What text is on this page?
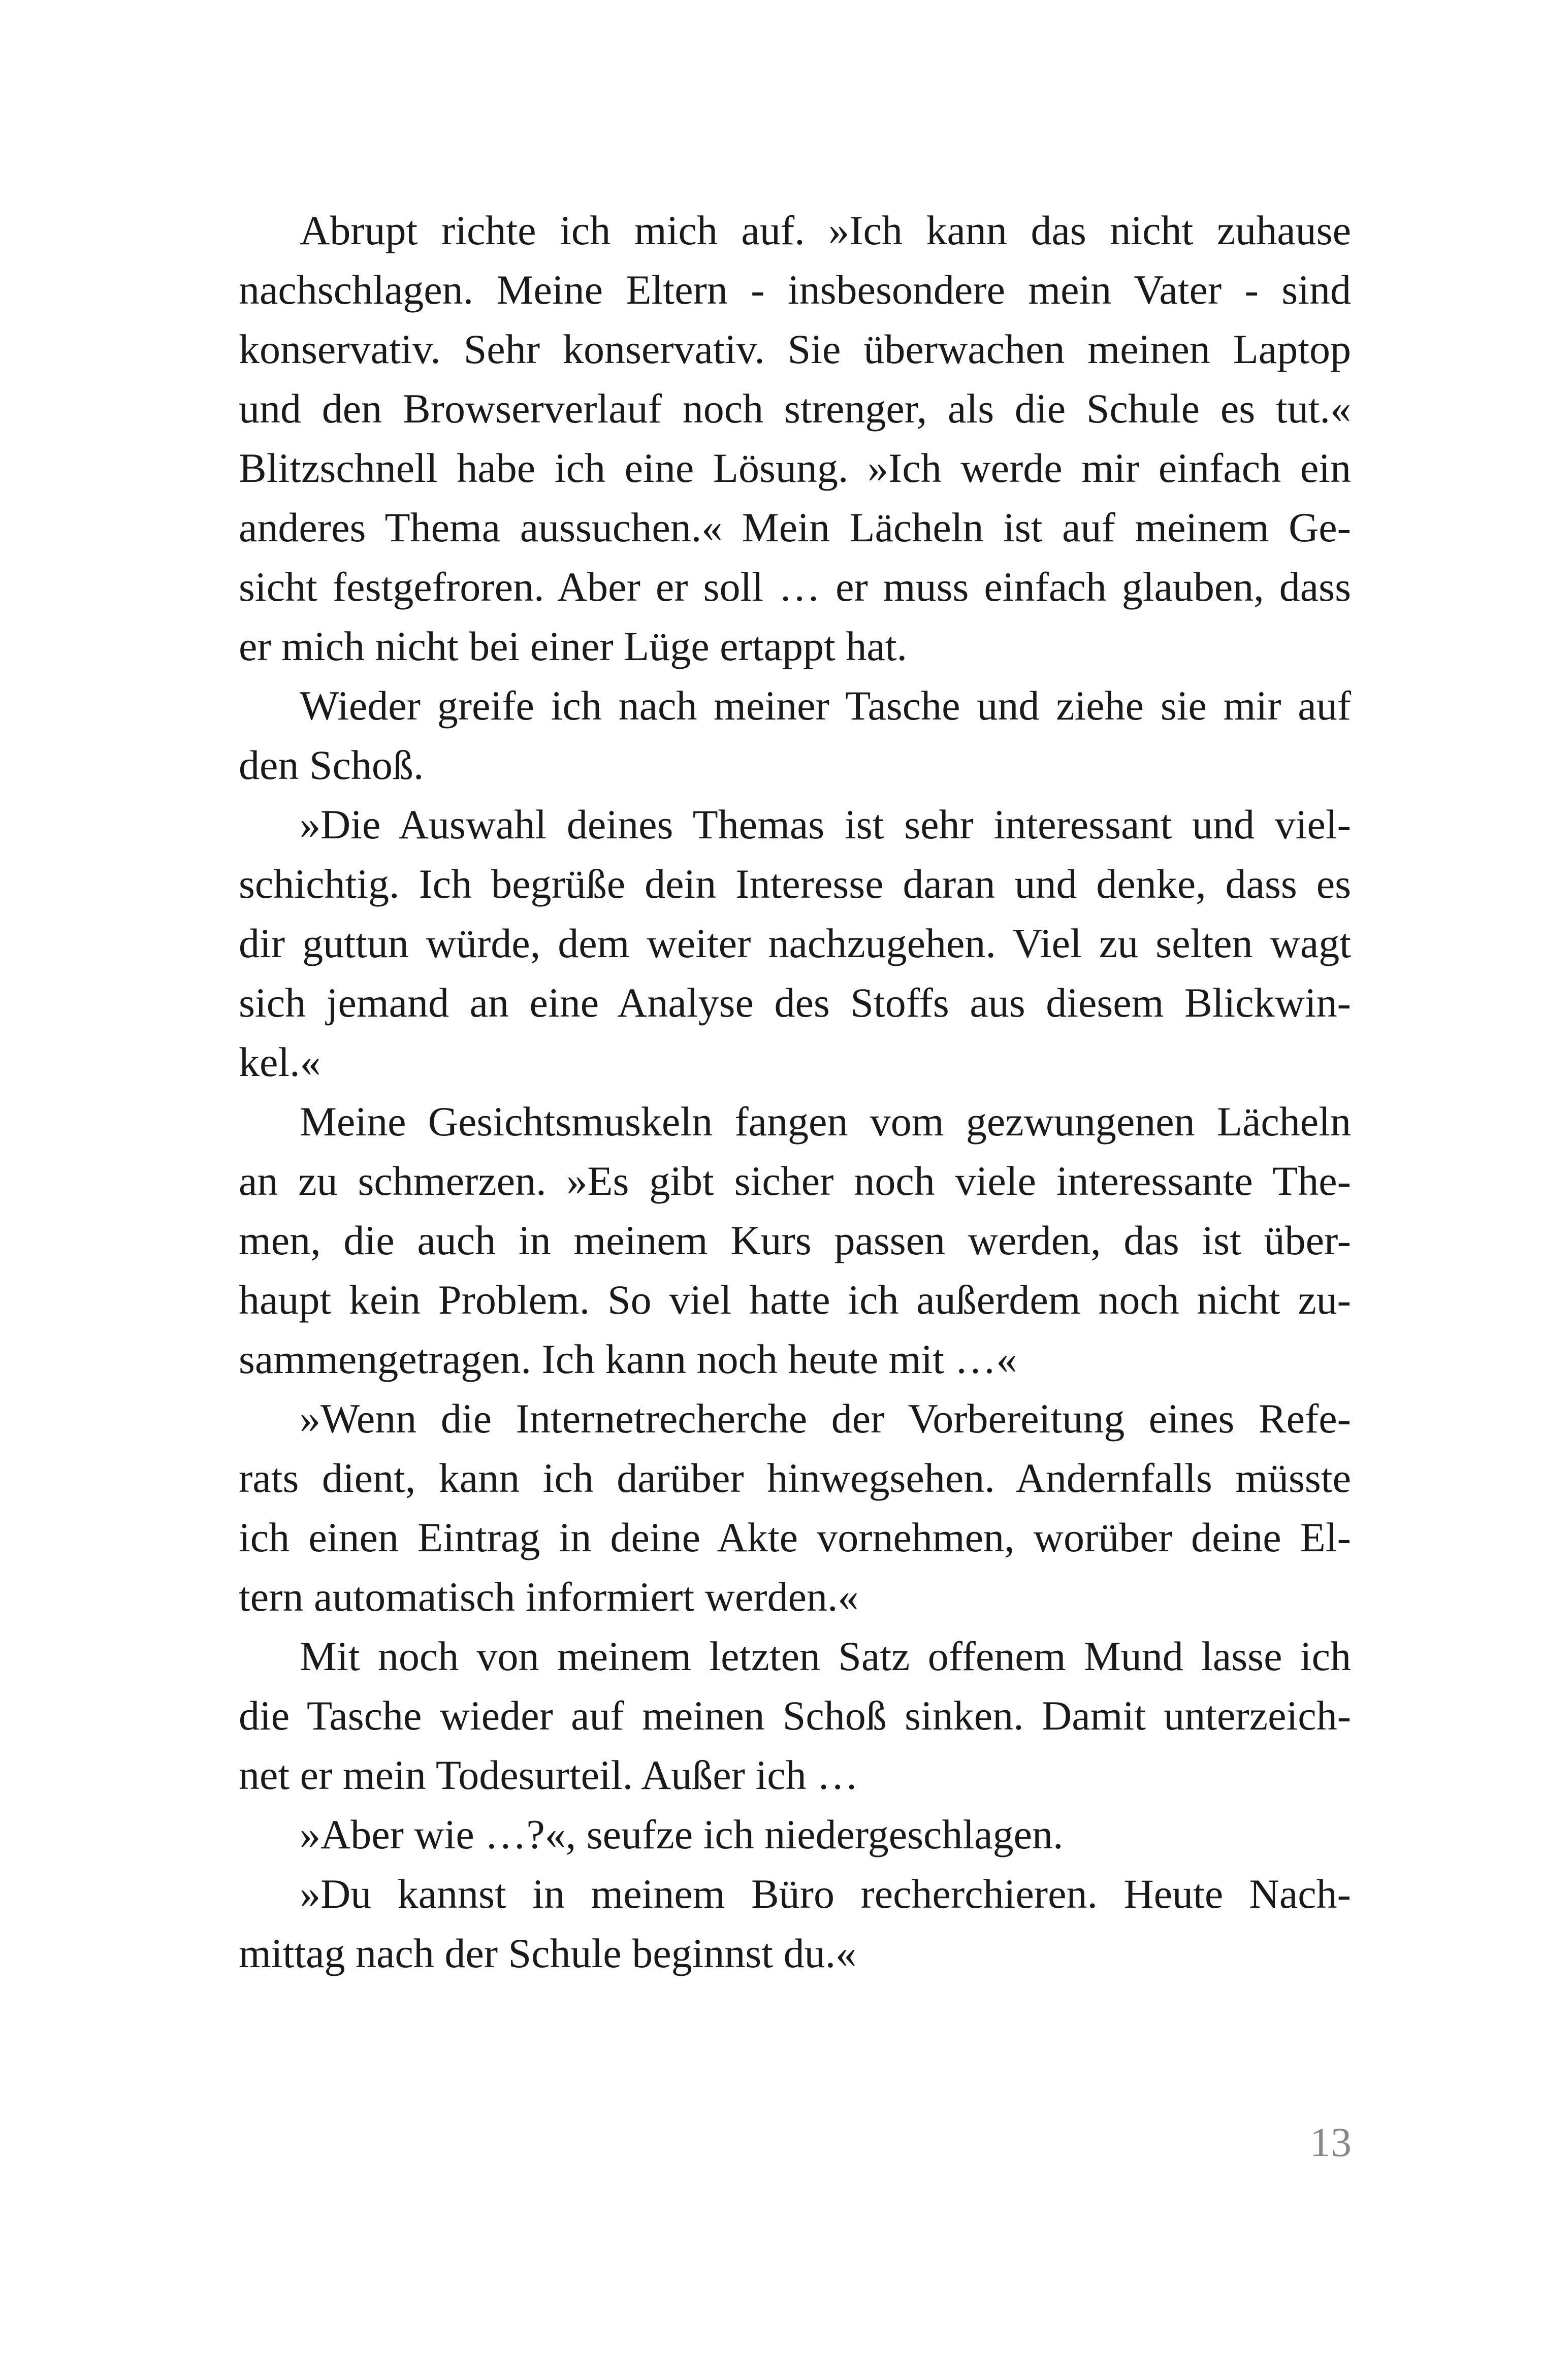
Abrupt richte ich mich auf. »Ich kann das nicht zuhause
nachschlagen. Meine Eltern - insbesondere mein Vater - sind
konservativ. Sehr konservativ. Sie überwachen meinen Laptop
und den Browserverlauf noch strenger, als die Schule es tut.«
Blitzschnell habe ich eine Lösung. »Ich werde mir einfach ein
anderes Thema aussuchen.« Mein Lächeln ist auf meinem Ge-
sicht festgefroren. Aber er soll … er muss einfach glauben, dass
er mich nicht bei einer Lüge ertappt hat.
Wieder greife ich nach meiner Tasche und ziehe sie mir auf
den Schoß.
»Die Auswahl deines Themas ist sehr interessant und viel-
schichtig. Ich begrüße dein Interesse daran und denke, dass es
dir guttun würde, dem weiter nachzugehen. Viel zu selten wagt
sich jemand an eine Analyse des Stoffs aus diesem Blickwin-
kel.«
Meine Gesichtsmuskeln fangen vom gezwungenen Lächeln
an zu schmerzen. »Es gibt sicher noch viele interessante The-
men, die auch in meinem Kurs passen werden, das ist über-
haupt kein Problem. So viel hatte ich außerdem noch nicht zu-
sammengetragen. Ich kann noch heute mit …«
»Wenn die Internetrecherche der Vorbereitung eines Refe-
rats dient, kann ich darüber hinwegsehen. Andernfalls müsste
ich einen Eintrag in deine Akte vornehmen, worüber deine El-
tern automatisch informiert werden.«
Mit noch von meinem letzten Satz offenem Mund lasse ich
die Tasche wieder auf meinen Schoß sinken. Damit unterzeich-
net er mein Todesurteil. Außer ich …
»Aber wie …?«, seufze ich niedergeschlagen.
»Du kannst in meinem Büro recherchieren. Heute Nach-
mittag nach der Schule beginnst du.«
13
